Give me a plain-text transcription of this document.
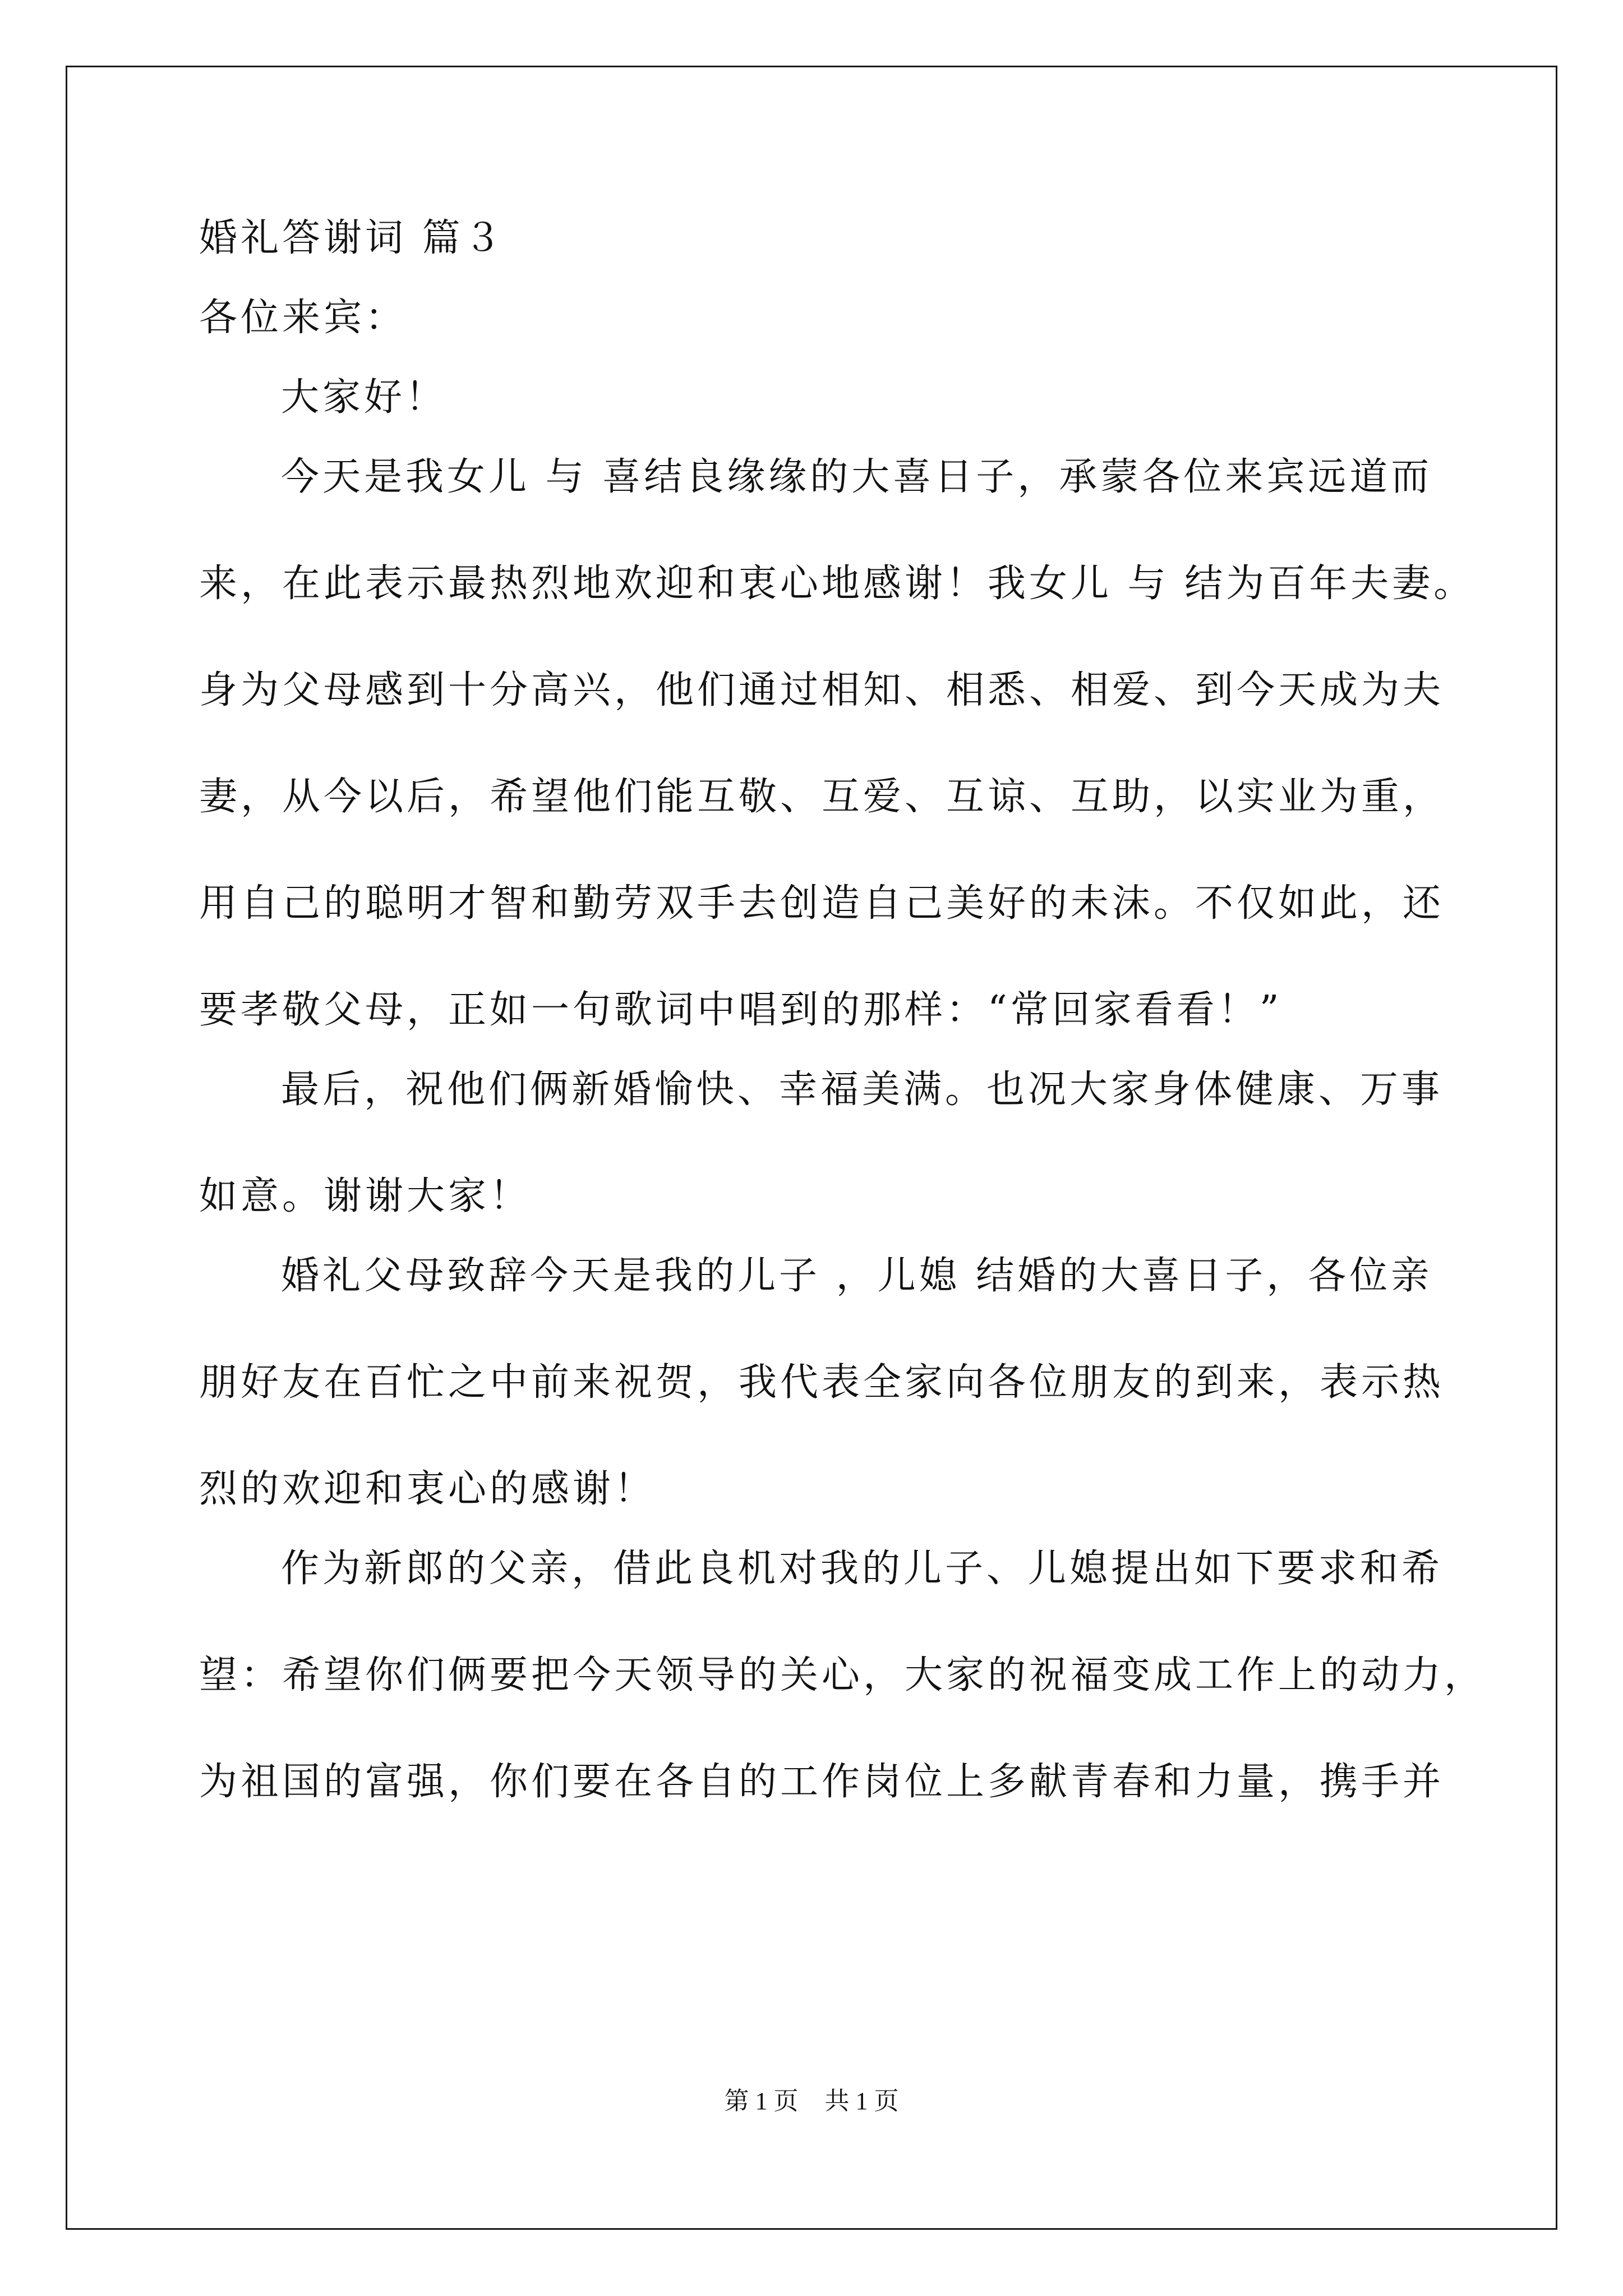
婚礼答谢词 篇３

各位来宾：

大家好！

今天是我女儿 与 喜结良缘缘的大喜日子，承蒙各位来宾远道而

来，在此表示最热烈地欢迎和衷心地感谢！我女儿 与 结为百年夫妻。

身为父母感到十分高兴，他们通过相知、相悉、相爱、到今天成为夫

妻，从今以后，希望他们能互敬、互爱、互谅、互助，以实业为重，

用自己的聪明才智和勤劳双手去创造自己美好的未沫。不仅如此，还

要孝敬父母，正如一句歌词中唱到的那样：“常回家看看！”

最后，祝他们俩新婚愉快、幸福美满。也况大家身体健康、万事

如意。谢谢大家！

婚礼父母致辞今天是我的儿子 ，儿媳 结婚的大喜日子，各位亲

朋好友在百忙之中前来祝贺，我代表全家向各位朋友的到来，表示热

烈的欢迎和衷心的感谢！

作为新郎的父亲，借此良机对我的儿子、儿媳提出如下要求和希

望：希望你们俩要把今天领导的关心，大家的祝福变成工作上的动力，

为祖国的富强，你们要在各自的工作岗位上多献青春和力量，携手并

第 1 页 共 1 页
